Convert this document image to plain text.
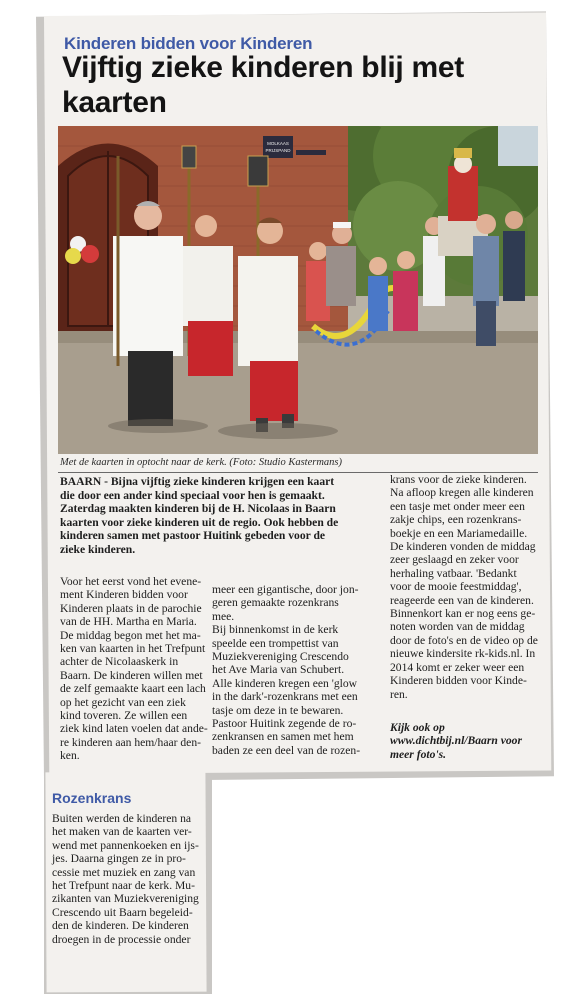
Kinderen bidden voor Kinderen
Vijftig zieke kinderen blij met kaarten
MOLKAAS
PRIJSPAND
Met de kaarten in optocht naar de kerk. (Foto: Studio Kastermans)

BAARN - Bijna vijftig zieke kinderen krijgen een kaart
die door een ander kind speciaal voor hen is gemaakt.
Zaterdag maakten kinderen bij de H. Nicolaas in Baarn
kaarten voor zieke kinderen uit de regio. Ook hebben de
kinderen samen met pastoor Huitink gebeden voor de
zieke kinderen.

Voor het eerst vond het evene-
ment Kinderen bidden voor
Kinderen plaats in de parochie
van de HH. Martha en Maria.
De middag begon met het ma-
ken van kaarten in het Trefpunt
achter de Nicolaaskerk in
Baarn. De kinderen willen met
de zelf gemaakte kaart een lach
op het gezicht van een ziek
kind toveren. Ze willen een
ziek kind laten voelen dat ande-
re kinderen aan hem/haar den-
ken.

meer een gigantische, door jon-
geren gemaakte rozenkrans
mee.
Bij binnenkomst in de kerk
speelde een trompettist van
Muziekvereniging Crescendo
het Ave Maria van Schubert.
Alle kinderen kregen een 'glow
in the dark'-rozenkrans met een
tasje om deze in te bewaren.
Pastoor Huitink zegende de ro-
zenkransen en samen met hem
baden ze een deel van de rozen-

krans voor de zieke kinderen.
Na afloop kregen alle kinderen
een tasje met onder meer een
zakje chips, een rozenkrans-
boekje en een Mariamedaille.
De kinderen vonden de middag
zeer geslaagd en zeker voor
herhaling vatbaar. 'Bedankt
voor de mooie feestmiddag',
reageerde een van de kinderen.
Binnenkort kan er nog eens ge-
noten worden van de middag
door de foto's en de video op de
nieuwe kindersite rk-kids.nl. In
2014 komt er zeker weer een
Kinderen bidden voor Kinde-
ren.

Kijk ook op
www.dichtbij.nl/Baarn voor
meer foto's.
Rozenkrans

Buiten werden de kinderen na
het maken van de kaarten ver-
wend met pannenkoeken en ijs-
jes. Daarna gingen ze in pro-
cessie met muziek en zang van
het Trefpunt naar de kerk. Mu-
zikanten van Muziekvereniging
Crescendo uit Baarn begeleid-
den de kinderen. De kinderen
droegen in de processie onder
